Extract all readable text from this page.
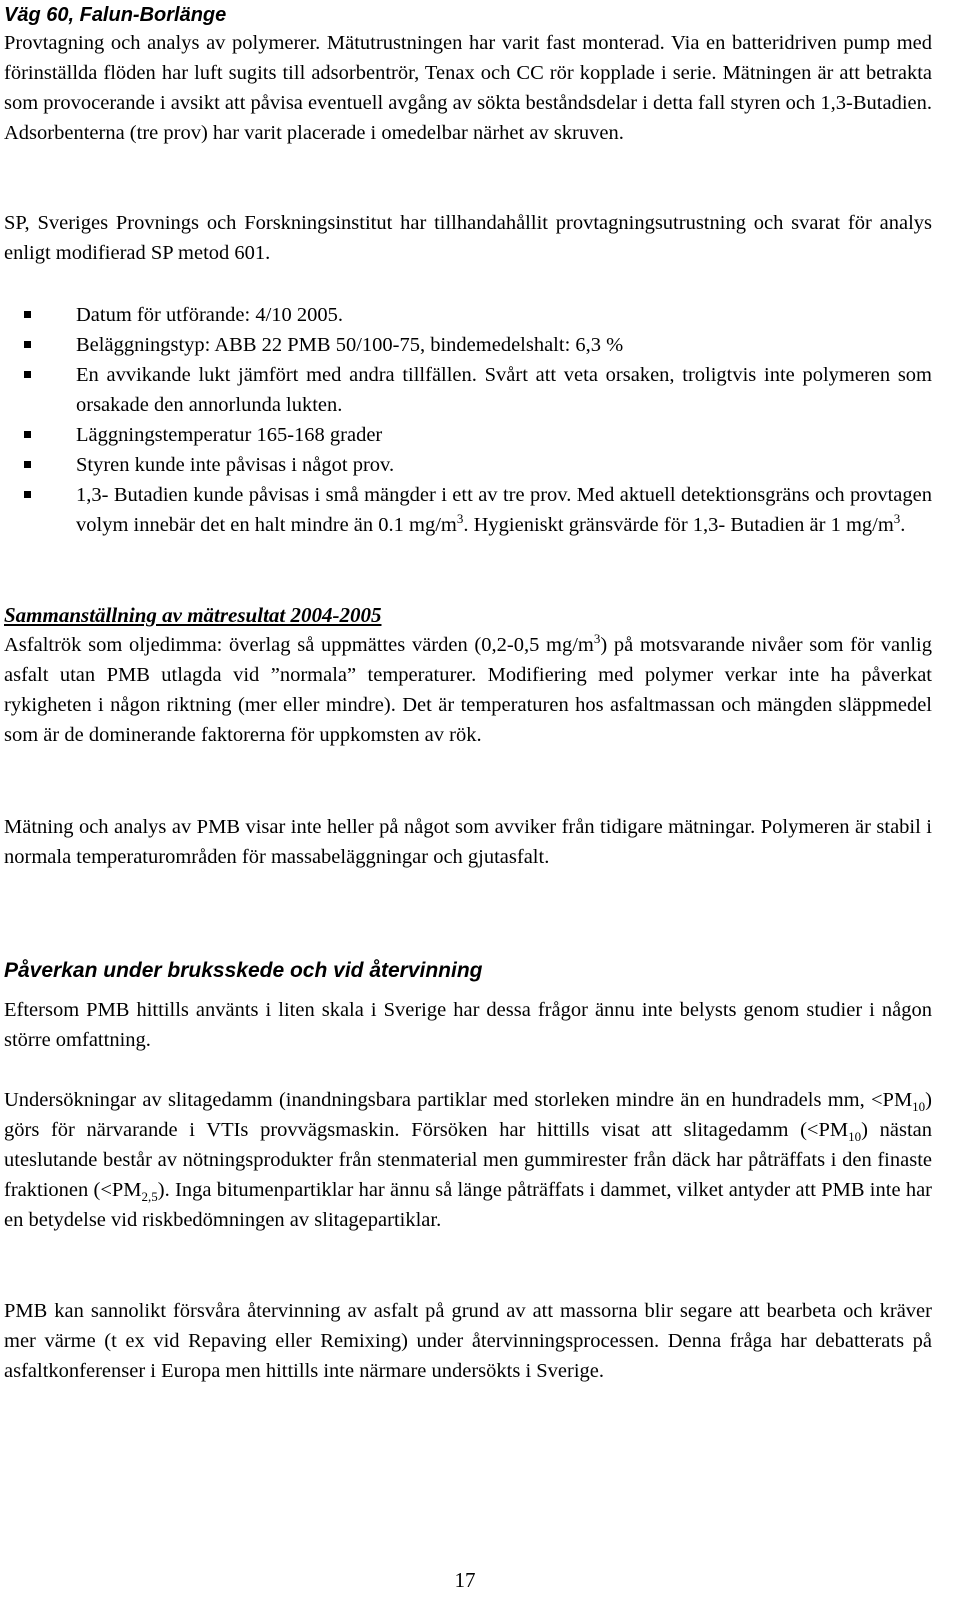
Väg 60, Falun-Borlänge
Provtagning och analys av polymerer. Mätutrustningen har varit fast monterad. Via en batteridriven pump med förinställda flöden har luft sugits till adsorbentrör, Tenax och CC rör kopplade i serie. Mätningen är att betrakta som provocerande i avsikt att påvisa eventuell avgång av sökta beståndsdelar i detta fall styren och 1,3-Butadien. Adsorbenterna (tre prov) har varit placerade i omedelbar närhet av skruven.
SP, Sveriges Provnings och Forskningsinstitut har tillhandahållit provtagningsutrustning och svarat för analys enligt modifierad SP metod 601.
Datum för utförande: 4/10 2005.
Beläggningstyp: ABB 22 PMB 50/100-75, bindemedelshalt: 6,3 %
En avvikande lukt jämfört med andra tillfällen. Svårt att veta orsaken, troligtvis inte polymeren som orsakade den annorlunda lukten.
Läggningstemperatur 165-168 grader
Styren kunde inte påvisas i något prov.
1,3- Butadien kunde påvisas i små mängder i ett av tre prov. Med aktuell detektionsgräns och provtagen volym innebär det en halt mindre än 0.1 $mg/m^3$. Hygieniskt gränsvärde för 1,3- Butadien är 1 $mg/m^3$.
Sammanställning av mätresultat 2004-2005
Asfaltrök som oljedimma: överlag så uppmättes värden (0,2-0,5 $mg/m^3$) på motsvarande nivåer som för vanlig asfalt utan PMB utlagda vid ”normala” temperaturer. Modifiering med polymer verkar inte ha påverkat rykigheten i någon riktning (mer eller mindre). Det är temperaturen hos asfaltmassan och mängden släppmedel som är de dominerande faktorerna för uppkomsten av rök.
Mätning och analys av PMB visar inte heller på något som avviker från tidigare mätningar. Polymeren är stabil i normala temperaturområden för massabeläggningar och gjutasfalt.
Påverkan under bruksskede och vid återvinning
Eftersom PMB hittills använts i liten skala i Sverige har dessa frågor ännu inte belysts genom studier i någon större omfattning.
Undersökningar av slitagedamm (inandningsbara partiklar med storleken mindre än en hundradels mm, $<PM_{10}$) görs för närvarande i VTIs provvägsmaskin. Försöken har hittills visat att slitagedamm $(<PM_{10})$ nästan uteslutande består av nötningsprodukter från stenmaterial men gummirester från däck har påträffats i den finaste fraktionen $(<PM_{2,5})$. Inga bitumenpartiklar har ännu så länge påträffats i dammet, vilket antyder att PMB inte har en betydelse vid riskbedömningen av slitagepartiklar.
PMB kan sannolikt försvåra återvinning av asfalt på grund av att massorna blir segare att bearbeta och kräver mer värme (t ex vid Repaving eller Remixing) under återvinningsprocessen. Denna fråga har debatterats på asfaltkonferenser i Europa men hittills inte närmare undersökts i Sverige.
17
